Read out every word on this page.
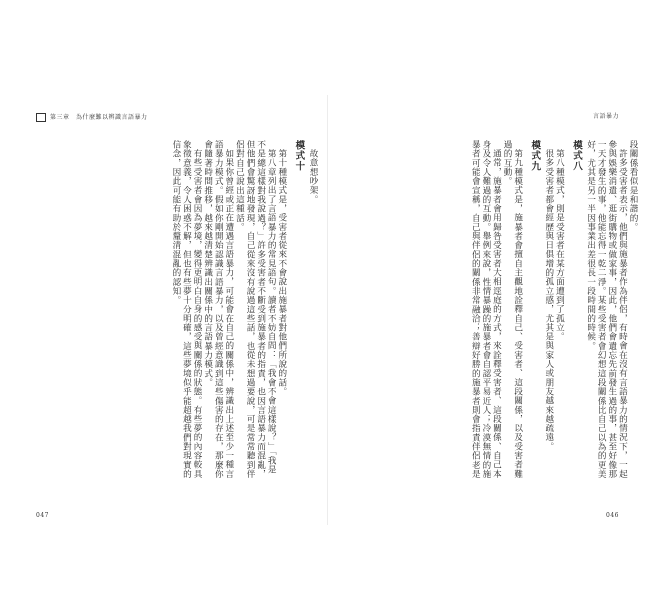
第三章　為什麼難以辨識言語暴力

故意想吵架。

模式十

第十種模式是，受害者從來不會說出施暴者對他們所說的話。

第八章列出了言語暴力的常見語句。讀者不妨自問：「我會不會這樣說？」「我是不是總這樣對我說過？」許多受害者不斷受到施暴者的指責，也因言語暴力而混亂，但他們會驚訝地發現，自己從來沒有說過這些話，也從未想過要說，可是常常聽到伴侶對自己說出這種話。

如果你曾經或正在遭遇言語暴力，可能會在自己的關係中，辨識出上述至少一種言語暴力模式。假如你剛開始認識言語暴力，以及曾經意識到這些傷害的存在，那麼你會隨著時間推移，越來越清楚辨識出關係中的言語暴力模式。

有些受害者會因為夢境，變得更明白自身的感受與關係的狀態。有些夢的內容較具象徵意義，令人困惑不解，但也有些夢十分明確，這些夢境似乎能超越我們對現實的信念，因此可能有助於釐清混亂的認知。

047
言語暴力

段關係看似是和諧的。

許多受害者表示，他們與施暴者作為伴侶，有時會在沒有言語暴力的情況下，一起參與娛樂消遣、逛街購物或做家事，因此，他們會遺忘先前發生過的事，甚至好像那一天才發生的事，他能忘得一乾二淨。某些受害者會幻想這段關係比自己以為的更美好，尤其是另一半因事業出差很長一段時間的時候。

模式八

第八種模式，則是受害者在某方面遭到了孤立。

很多受害者都會經歷與日俱增的孤立感，尤其是與家人或朋友越來越疏遠。

模式九

第九種模式是，施暴者會擅自主觀地詮釋自己、受害者、這段關係，以及受害者難過的互動。

通常，施暴者會用歸咎受害者大相逕庭的方式，來詮釋受害者、這段關係、自己本身及令人難過的互動。舉例來說，性情暴躁的施暴者會自認平易近人；冷漠無情的施暴者可能會宣稱，自己與伴侶的關係非常融洽；善辯好勝的施暴者則會指責伴侶老是

046
